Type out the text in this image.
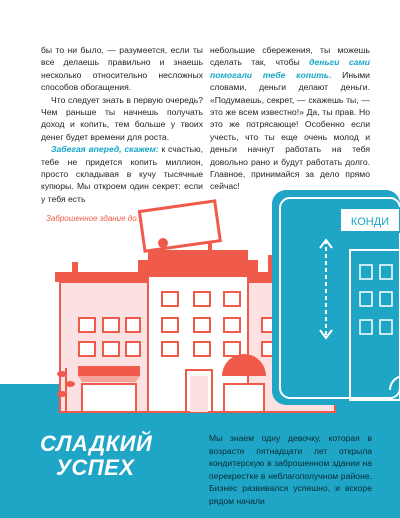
бы то ни было, — разумеется, если ты все делаешь правильно и знаешь несколько относительно несложных способов обогащения.

Что следует знать в первую очередь? Чем раньше ты начнешь получать доход и копить, тем больше у твоих денег будет времени для роста.

Забегая вперед, скажем: к счастью, тебе не придется копить миллион, просто складывая в кучу тысячные купюры. Мы откроем один секрет: если у тебя есть

небольшие сбережения, ты можешь сделать так, чтобы деньги сами помогали тебе копить. Иными словами, деньги делают деньги. «Подумаешь, секрет, — скажешь ты, — это же всем известно!» Да, ты прав. Но это же потрясающе! Особенно если учесть, что ты еще очень молод и деньги начнут работать на тебя довольно рано и будут работать долго. Главное, принимайся за дело прямо сейчас!

КОНДИ
Заброшенное здание до...
СЛАДКИЙ
УСПЕХ

Мы знаем одну девочку, которая в возрасте пятнадцати лет открыла кондитерскую в заброшенном здании на перекрестке в неблагополучном районе. Бизнес развивался успешно, и вскоре рядом начали
